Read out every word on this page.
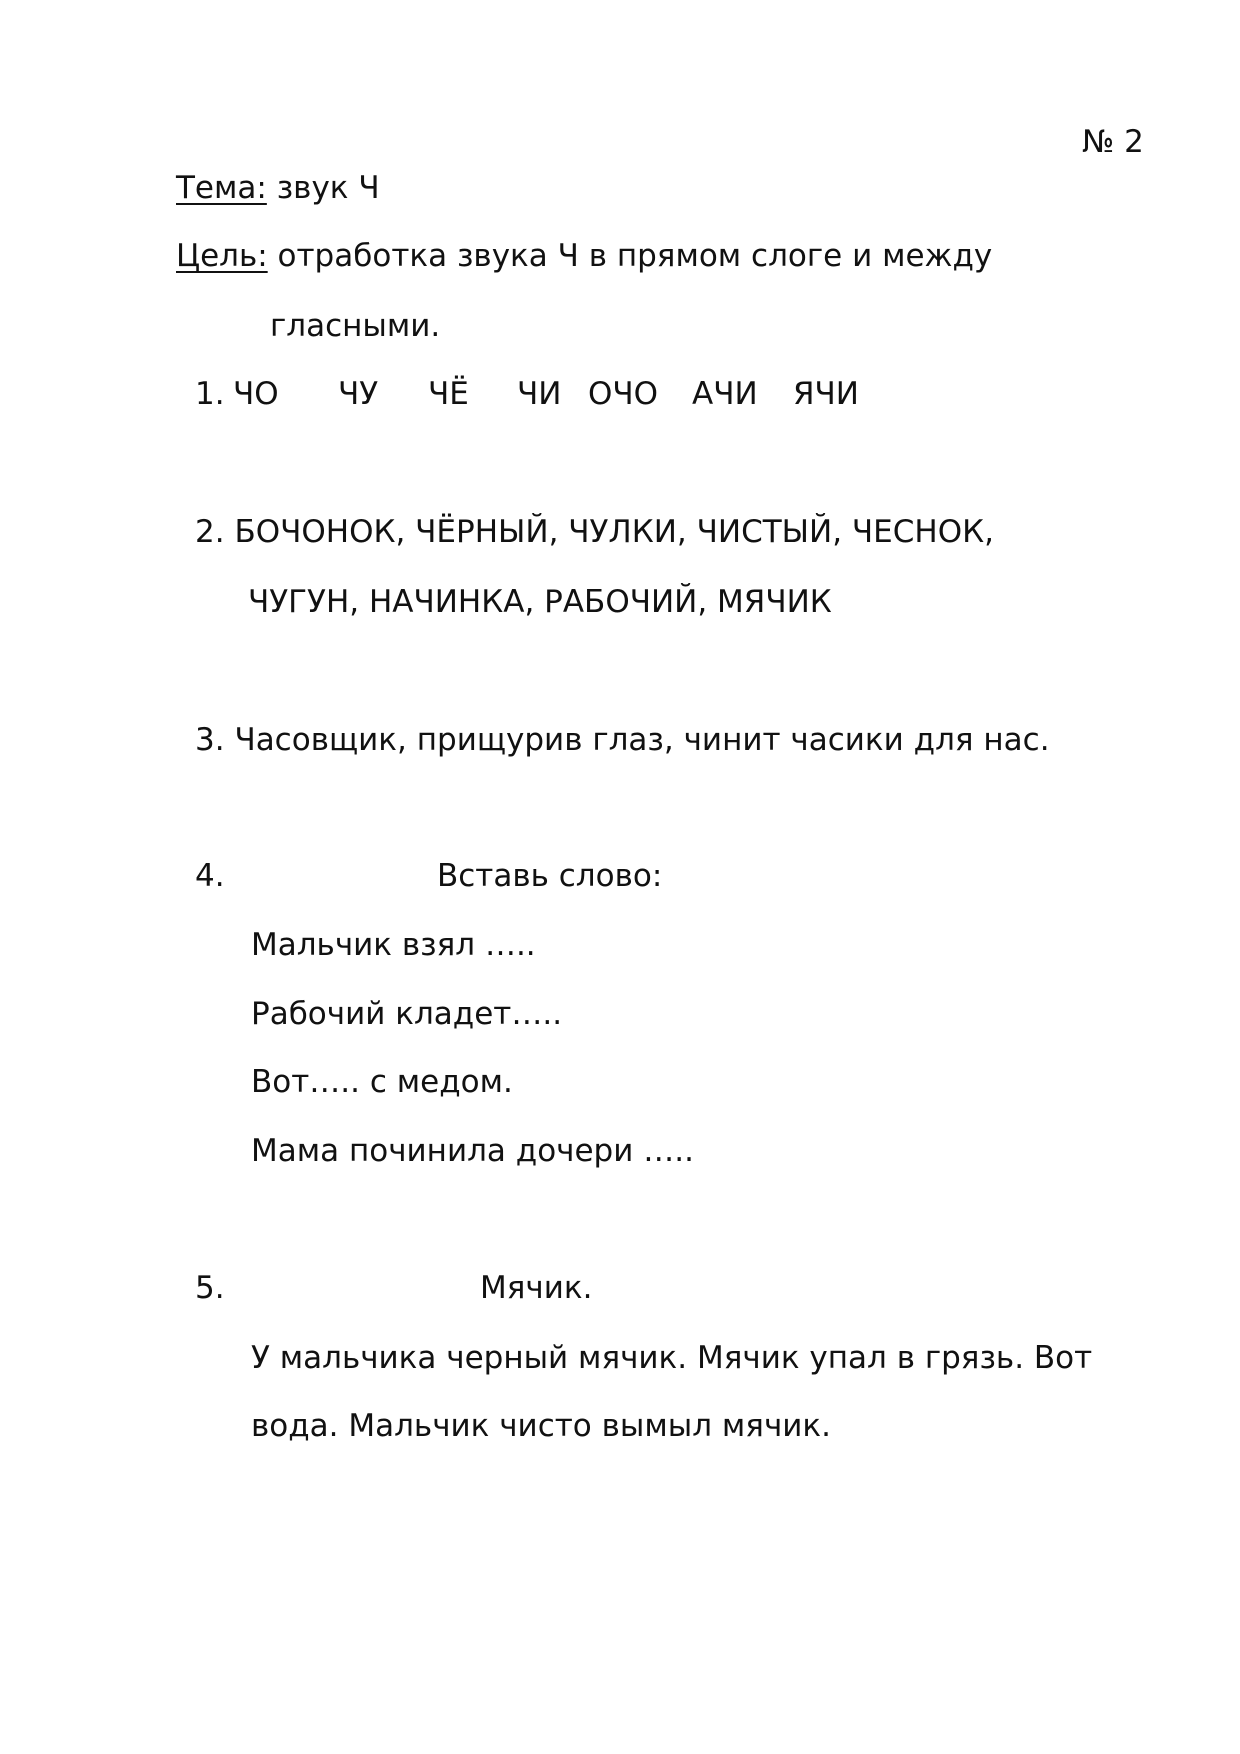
№ 2
Тема: звук Ч
Цель: отработка звука Ч в прямом слоге и между
гласными.
1. ЧО ЧУ ЧЁ ЧИ ОЧО АЧИ ЯЧИ
2. БОЧОНОК, ЧЁРНЫЙ, ЧУЛКИ, ЧИСТЫЙ, ЧЕСНОК,
ЧУГУН, НАЧИНКА, РАБОЧИЙ, МЯЧИК
3. Часовщик, прищурив глаз, чинит часики для нас.
4.	Вставь слово:
Мальчик взял …..
Рабочий кладет…..
Вот….. с медом.
Мама починила дочери …..
5.	Мячик.
У мальчика черный мячик. Мячик упал в грязь. Вот
вода. Мальчик чисто вымыл мячик.
